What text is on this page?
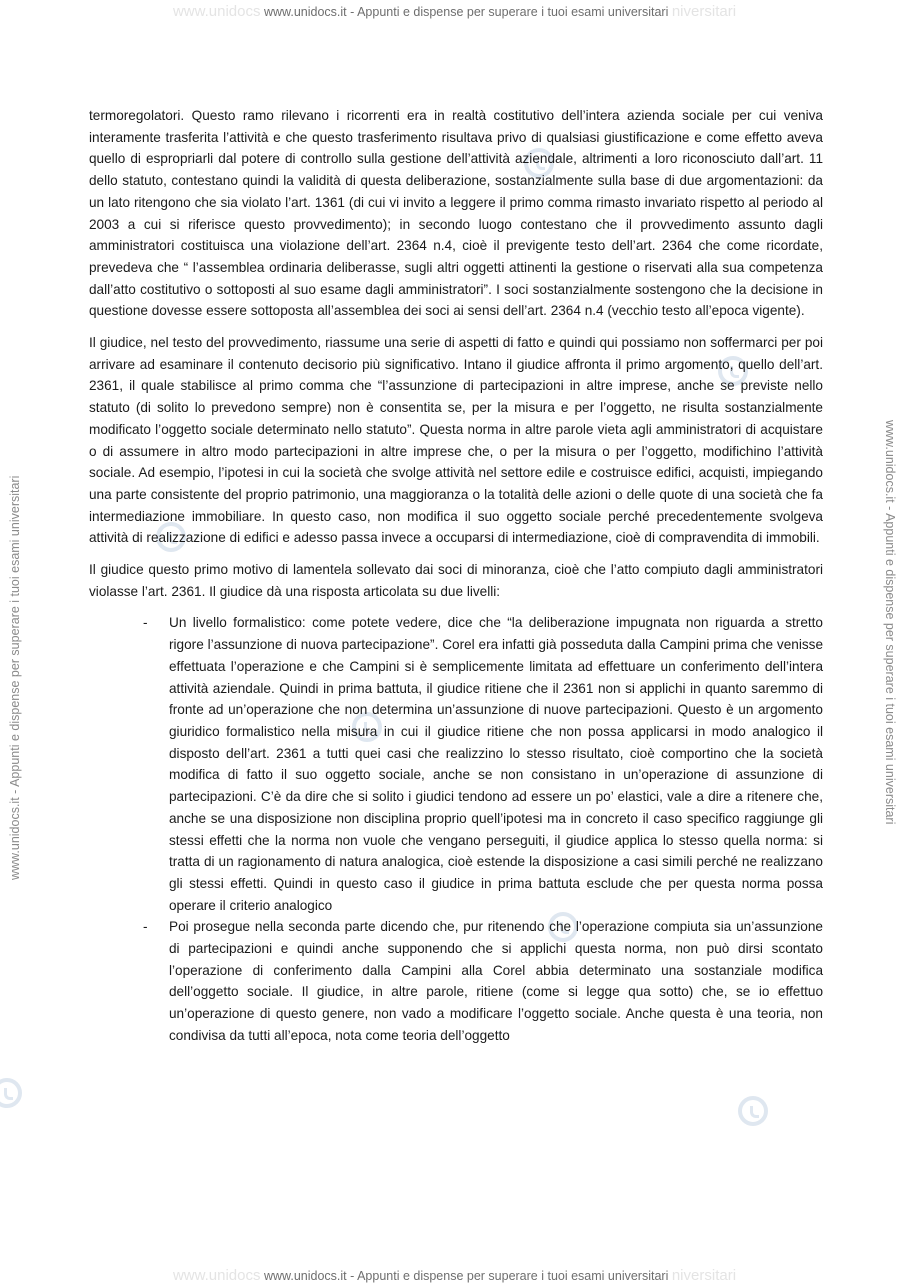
www.unidocs www.unidocs.it - Appunti e dispense per superare i tuoi esami universitari niversitari
www.unidocs.it - Appunti e dispense per superare i tuoi esami universitari	www.unidocs.it - Appunti e dispense per superare i tuoi esami universitari

termoregolatori. Questo ramo rilevano i ricorrenti era in realtà costitutivo dell’intera azienda sociale per cui veniva interamente trasferita l’attività e che questo trasferimento risultava privo di qualsiasi giustificazione e come effetto aveva quello di espropriarli dal potere di controllo sulla gestione dell’attività aziendale, altrimenti a loro riconosciuto dall’art. 11 dello statuto, contestano quindi la validità di questa deliberazione, sostanzialmente sulla base di due argomentazioni: da un lato ritengono che sia violato l’art. 1361 (di cui vi invito a leggere il primo comma rimasto invariato rispetto al periodo al 2003 a cui si riferisce questo provvedimento); in secondo luogo contestano che il provvedimento assunto dagli amministratori costituisca una violazione dell’art. 2364 n.4, cioè il previgente testo dell’art. 2364 che come ricordate, prevedeva che “ l’assemblea ordinaria deliberasse, sugli altri oggetti attinenti la gestione o riservati alla sua competenza dall’atto costitutivo o sottoposti al suo esame dagli amministratori”. I soci sostanzialmente sostengono che la decisione in questione dovesse essere sottoposta all’assemblea dei soci ai sensi dell’art. 2364 n.4 (vecchio testo all’epoca vigente).

Il giudice, nel testo del provvedimento, riassume una serie di aspetti di fatto e quindi qui possiamo non soffermarci per poi arrivare ad esaminare il contenuto decisorio più significativo. Intano il giudice affronta il primo argomento, quello dell’art. 2361, il quale stabilisce al primo comma che “l’assunzione di partecipazioni in altre imprese, anche se previste nello statuto (di solito lo prevedono sempre) non è consentita se, per la misura e per l’oggetto, ne risulta sostanzialmente modificato l’oggetto sociale determinato nello statuto”. Questa norma in altre parole vieta agli amministratori di acquistare o di assumere in altro modo partecipazioni in altre imprese che, o per la misura o per l’oggetto, modifichino l’attività sociale. Ad esempio, l’ipotesi in cui la società che svolge attività nel settore edile e costruisce edifici, acquisti, impiegando una parte consistente del proprio patrimonio, una maggioranza o la totalità delle azioni o delle quote di una società che fa intermediazione immobiliare. In questo caso, non modifica il suo oggetto sociale perché precedentemente svolgeva attività di realizzazione di edifici e adesso passa invece a occuparsi di intermediazione, cioè di compravendita di immobili.

Il giudice questo primo motivo di lamentela sollevato dai soci di minoranza, cioè che l’atto compiuto dagli amministratori violasse l’art. 2361. Il giudice dà una risposta articolata su due livelli:

- Un livello formalistico: come potete vedere, dice che “la deliberazione impugnata non riguarda a stretto rigore l’assunzione di nuova partecipazione”. Corel era infatti già posseduta dalla Campini prima che venisse effettuata l’operazione e che Campini si è semplicemente limitata ad effettuare un conferimento dell’intera attività aziendale. Quindi in prima battuta, il giudice ritiene che il 2361 non si applichi in quanto saremmo di fronte ad un’operazione che non determina un’assunzione di nuove partecipazioni. Questo è un argomento giuridico formalistico nella misura in cui il giudice ritiene che non possa applicarsi in modo analogico il disposto dell’art. 2361 a tutti quei casi che realizzino lo stesso risultato, cioè comportino che la società modifica di fatto il suo oggetto sociale, anche se non consistano in un’operazione di assunzione di partecipazioni. C’è da dire che si solito i giudici tendono ad essere un po’ elastici, vale a dire a ritenere che, anche se una disposizione non disciplina proprio quell’ipotesi ma in concreto il caso specifico raggiunge gli stessi effetti che la norma non vuole che vengano perseguiti, il giudice applica lo stesso quella norma: si tratta di un ragionamento di natura analogica, cioè estende la disposizione a casi simili perché ne realizzano gli stessi effetti. Quindi in questo caso il giudice in prima battuta esclude che per questa norma possa operare il criterio analogico
- Poi prosegue nella seconda parte dicendo che, pur ritenendo che l’operazione compiuta sia un’assunzione di partecipazioni e quindi anche supponendo che si applichi questa norma, non può dirsi scontato l’operazione di conferimento dalla Campini alla Corel abbia determinato una sostanziale modifica dell’oggetto sociale. Il giudice, in altre parole, ritiene (come si legge qua sotto) che, se io effettuo un’operazione di questo genere, non vado a modificare l’oggetto sociale. Anche questa è una teoria, non condivisa da tutti all’epoca, nota come teoria dell’oggetto
www.unidocs www.unidocs.it - Appunti e dispense per superare i tuoi esami universitari niversitari
